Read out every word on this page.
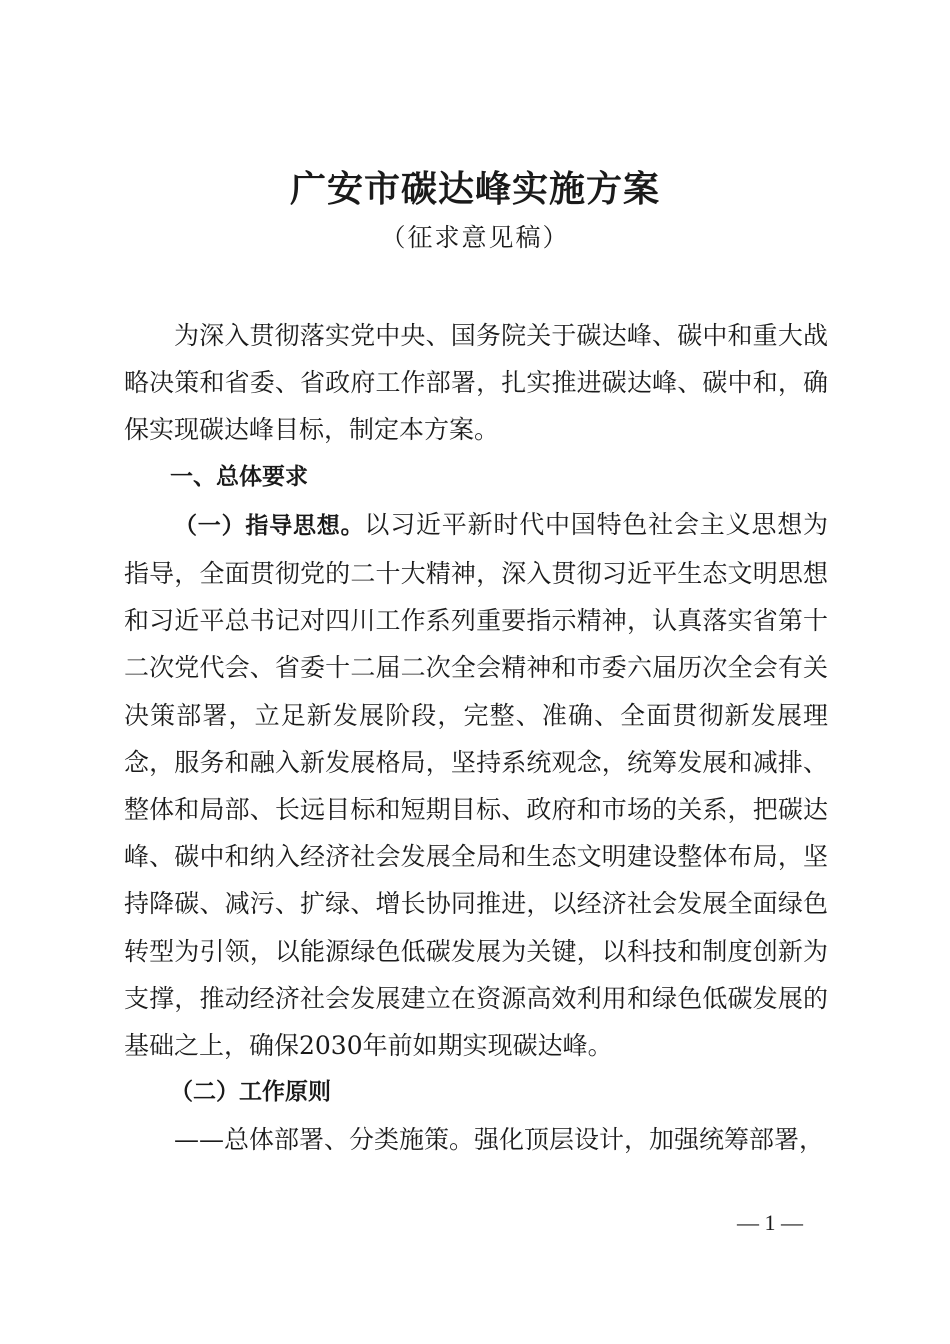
广安市碳达峰实施方案
（征求意见稿）

为深入贯彻落实党中央、国务院关于碳达峰、碳中和重大战略决策和省委、省政府工作部署，扎实推进碳达峰、碳中和，确保实现碳达峰目标，制定本方案。

一、总体要求

（一）指导思想。以习近平新时代中国特色社会主义思想为指导，全面贯彻党的二十大精神，深入贯彻习近平生态文明思想和习近平总书记对四川工作系列重要指示精神，认真落实省第十二次党代会、省委十二届二次全会精神和市委六届历次全会有关决策部署，立足新发展阶段，完整、准确、全面贯彻新发展理念，服务和融入新发展格局，坚持系统观念，统筹发展和减排、整体和局部、长远目标和短期目标、政府和市场的关系，把碳达峰、碳中和纳入经济社会发展全局和生态文明建设整体布局，坚持降碳、减污、扩绿、增长协同推进，以经济社会发展全面绿色转型为引领，以能源绿色低碳发展为关键，以科技和制度创新为支撑，推动经济社会发展建立在资源高效利用和绿色低碳发展的基础之上，确保2030年前如期实现碳达峰。

（二）工作原则

——总体部署、分类施策。强化顶层设计，加强统筹部署，

— 1 —
